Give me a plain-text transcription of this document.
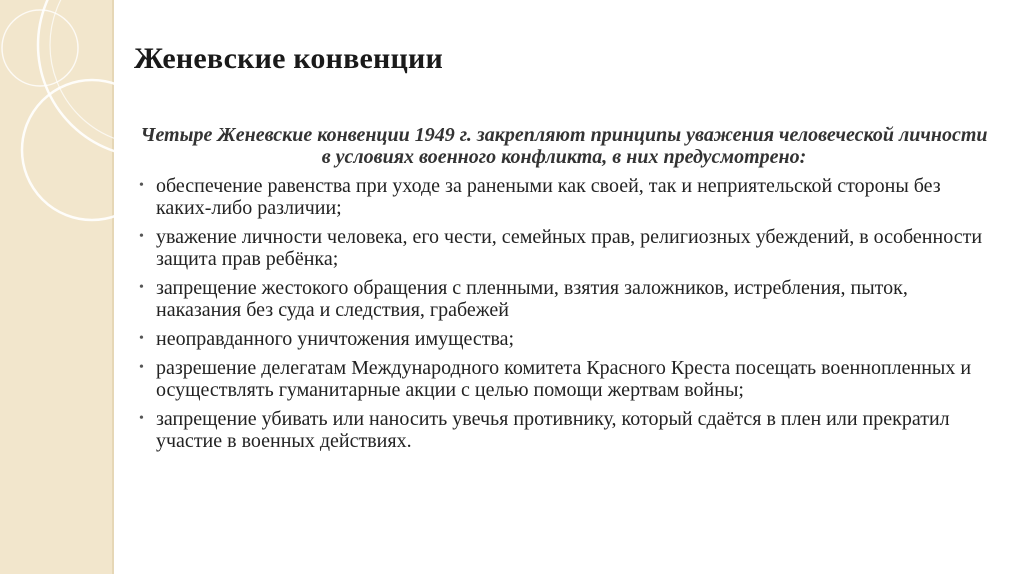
Женевские конвенции

Четыре Женевские конвенции 1949 г. закрепляют принципы уважения человеческой личности в условиях военного конфликта, в них предусмотрено:

• обеспечение равенства при уходе за ранеными как своей, так и неприятельской стороны без каких-либо различии;
• уважение личности человека, его чести, семейных прав, религиозных убеждений, в особенности защита прав ребёнка;
• запрещение жестокого обращения с пленными, взятия заложников, истребления, пыток, наказания без суда и следствия, грабежей
• неоправданного уничтожения имущества;
• разрешение делегатам Международного комитета Красного Креста посещать военнопленных и осуществлять гуманитарные акции с целью помощи жертвам войны;
• запрещение убивать или наносить увечья противнику, который сдаётся в плен или прекратил участие в военных действиях.
